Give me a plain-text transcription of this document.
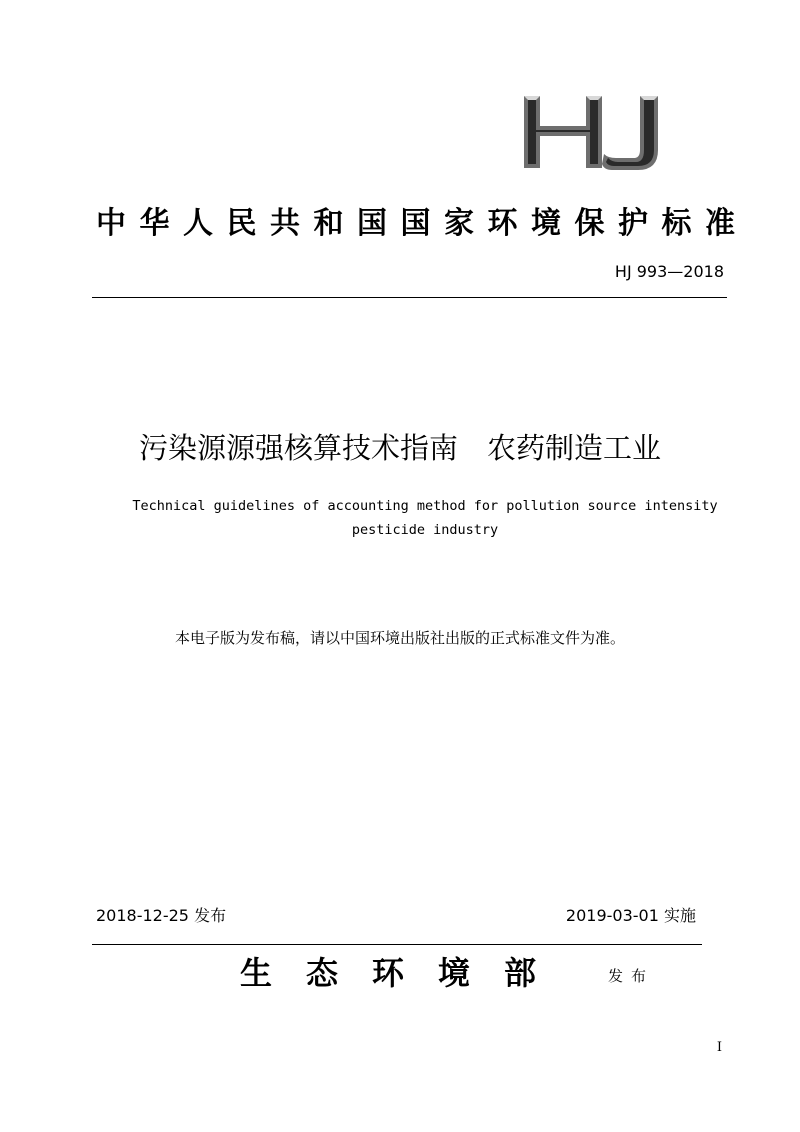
HJ
中华人民共和国国家环境保护标准
HJ 993—2018
污染源源强核算技术指南　农药制造工业
Technical guidelines of accounting method for pollution source intensity
pesticide industry
本电子版为发布稿，请以中国环境出版社出版的正式标准文件为准。
2018-12-25 发布	2019-03-01 实施
生态环境部	发布
I
